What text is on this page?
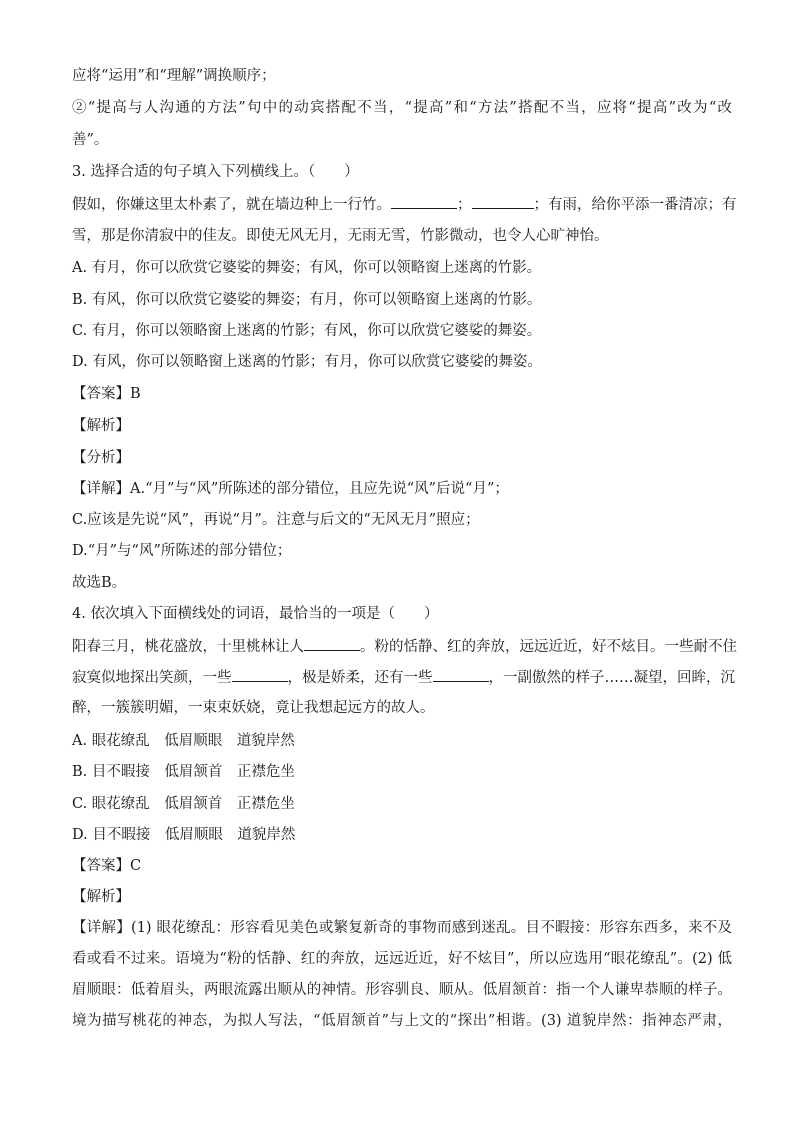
应将“运用”和“理解”调换顺序；
②“提高与人沟通的方法”句中的动宾搭配不当，“提高”和“方法”搭配不当，应将“提高”改为“改
善”。
3. 选择合适的句子填入下列横线上。（　　）
假如，你嫌这里太朴素了，就在墙边种上一行竹。	；	；有雨，给你平添一番清凉；有
雪，那是你清寂中的佳友。即使无风无月，无雨无雪，竹影微动，也令人心旷神怡。
A. 有月，你可以欣赏它婆娑的舞姿；有风，你可以领略窗上迷离的竹影。
B. 有风，你可以欣赏它婆娑的舞姿；有月，你可以领略窗上迷离的竹影。
C. 有月，你可以领略窗上迷离的竹影；有风，你可以欣赏它婆娑的舞姿。
D. 有风，你可以领略窗上迷离的竹影；有月，你可以欣赏它婆娑的舞姿。
【答案】B
【解析】
【分析】
【详解】A.“月”与“风”所陈述的部分错位，且应先说“风”后说“月”；
C.应该是先说“风”，再说“月”。注意与后文的“无风无月”照应；
D.“月”与“风”所陈述的部分错位；
故选B。
4. 依次填入下面横线处的词语，最恰当的一项是（　　）
阳春三月，桃花盛放，十里桃林让人	。粉的恬静、红的奔放，远远近近，好不炫目。一些耐不住
寂寞似地探出笑颜，一些	，极是娇柔，还有一些	，一副傲然的样子……凝望，回眸，沉
醉，一簇簇明媚，一束束妖娆，竟让我想起远方的故人。
A. 眼花缭乱　低眉顺眼　道貌岸然
B. 目不暇接　低眉颔首　正襟危坐
C. 眼花缭乱　低眉颔首　正襟危坐
D. 目不暇接　低眉顺眼　道貌岸然
【答案】C
【解析】
【详解】(1) 眼花缭乱：形容看见美色或繁复新奇的事物而感到迷乱。目不暇接：形容东西多，来不及
看或看不过来。语境为“粉的恬静、红的奔放，远远近近，好不炫目”，所以应选用“眼花缭乱”。(2) 低
眉顺眼：低着眉头，两眼流露出顺从的神情。形容驯良、顺从。低眉颔首：指一个人谦卑恭顺的样子。
境为描写桃花的神态，为拟人写法，“低眉颔首”与上文的“探出”相谐。(3) 道貌岸然：指神态严肃，
